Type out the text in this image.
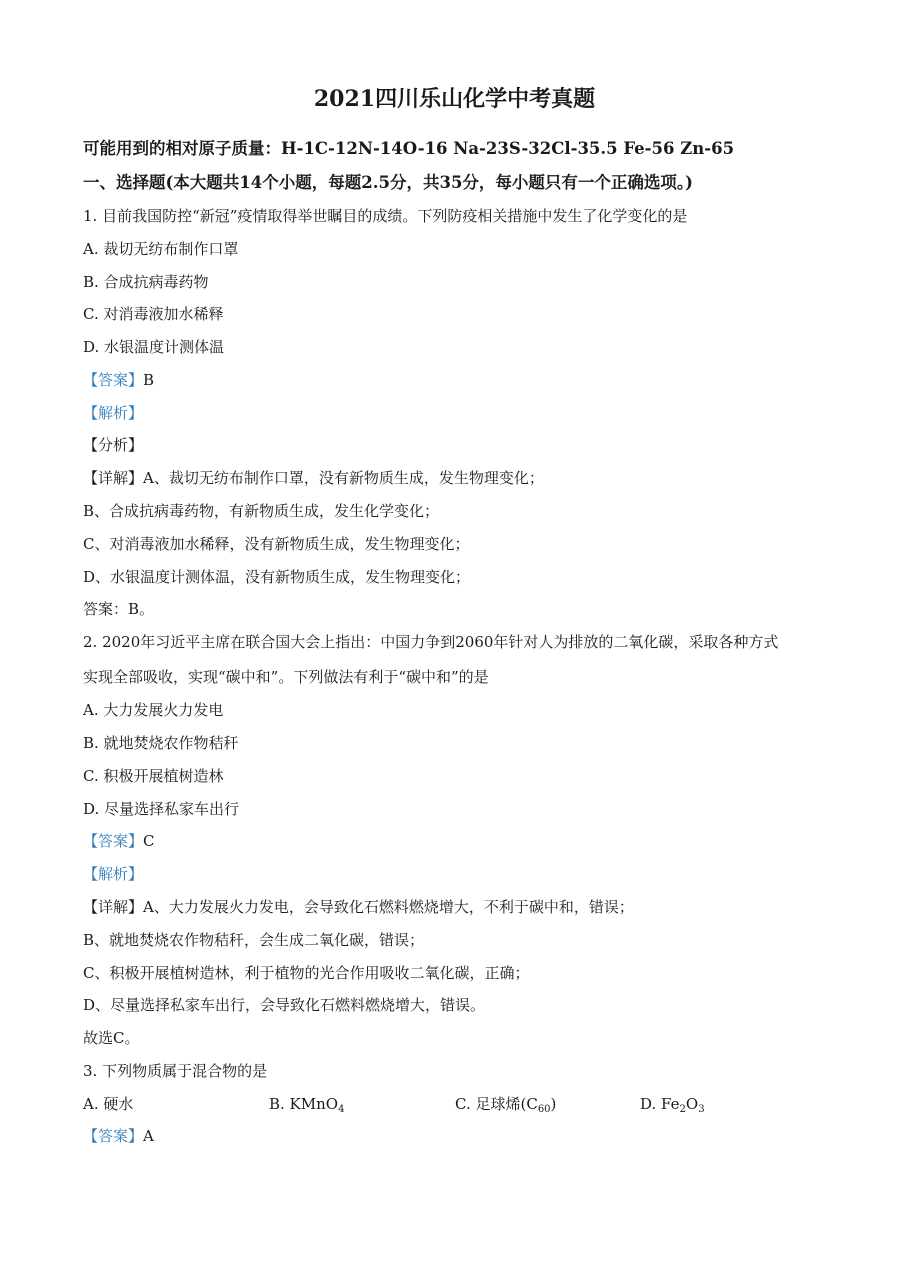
2021四川乐山化学中考真题
可能用到的相对原子质量：H-1C-12N-14O-16 Na-23S-32Cl-35.5 Fe-56 Zn-65
一、选择题(本大题共14个小题，每题2.5分，共35分，每小题只有一个正确选项。)
1. 目前我国防控“新冠”疫情取得举世瞩目的成绩。下列防疫相关措施中发生了化学变化的是
A. 裁切无纺布制作口罩
B. 合成抗病毒药物
C. 对消毒液加水稀释
D. 水银温度计测体温
【答案】B
【解析】
【分析】
【详解】A、裁切无纺布制作口罩，没有新物质生成，发生物理变化；
B、合成抗病毒药物，有新物质生成，发生化学变化；
C、对消毒液加水稀释，没有新物质生成，发生物理变化；
D、水银温度计测体温，没有新物质生成，发生物理变化；
答案：B。
2. 2020年习近平主席在联合国大会上指出：中国力争到2060年针对人为排放的二氧化碳，采取各种方式
实现全部吸收，实现“碳中和”。下列做法有利于“碳中和”的是
A. 大力发展火力发电
B. 就地焚烧农作物秸秆
C. 积极开展植树造林
D. 尽量选择私家车出行
【答案】C
【解析】
【详解】A、大力发展火力发电，会导致化石燃料燃烧增大，不利于碳中和，错误；
B、就地焚烧农作物秸秆，会生成二氧化碳，错误；
C、积极开展植树造林，利于植物的光合作用吸收二氧化碳，正确；
D、尽量选择私家车出行，会导致化石燃料燃烧增大，错误。
故选C。
3. 下列物质属于混合物的是
A. 硬水	B. KMnO$_4$	C. 足球烯$(C_{60})$	D. $Fe_2O_3$
【答案】A
